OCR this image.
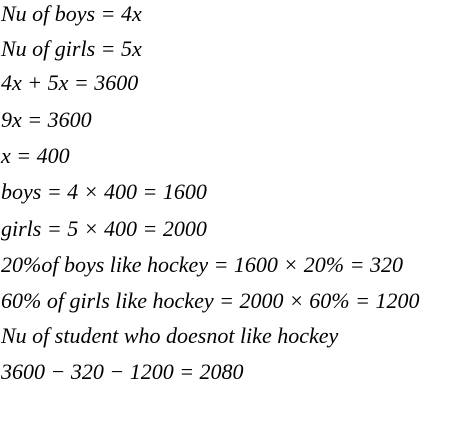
Nu of boys = 4x
Nu of girls = 5x
4x + 5x = 3600
9x = 3600
x = 400
boys = 4 × 400 = 1600
girls = 5 × 400 = 2000
20%of boys like hockey = 1600 × 20% = 320
60% of girls like hockey = 2000 × 60% = 1200
Nu of student who doesnot like hockey
3600 − 320 − 1200 = 2080
